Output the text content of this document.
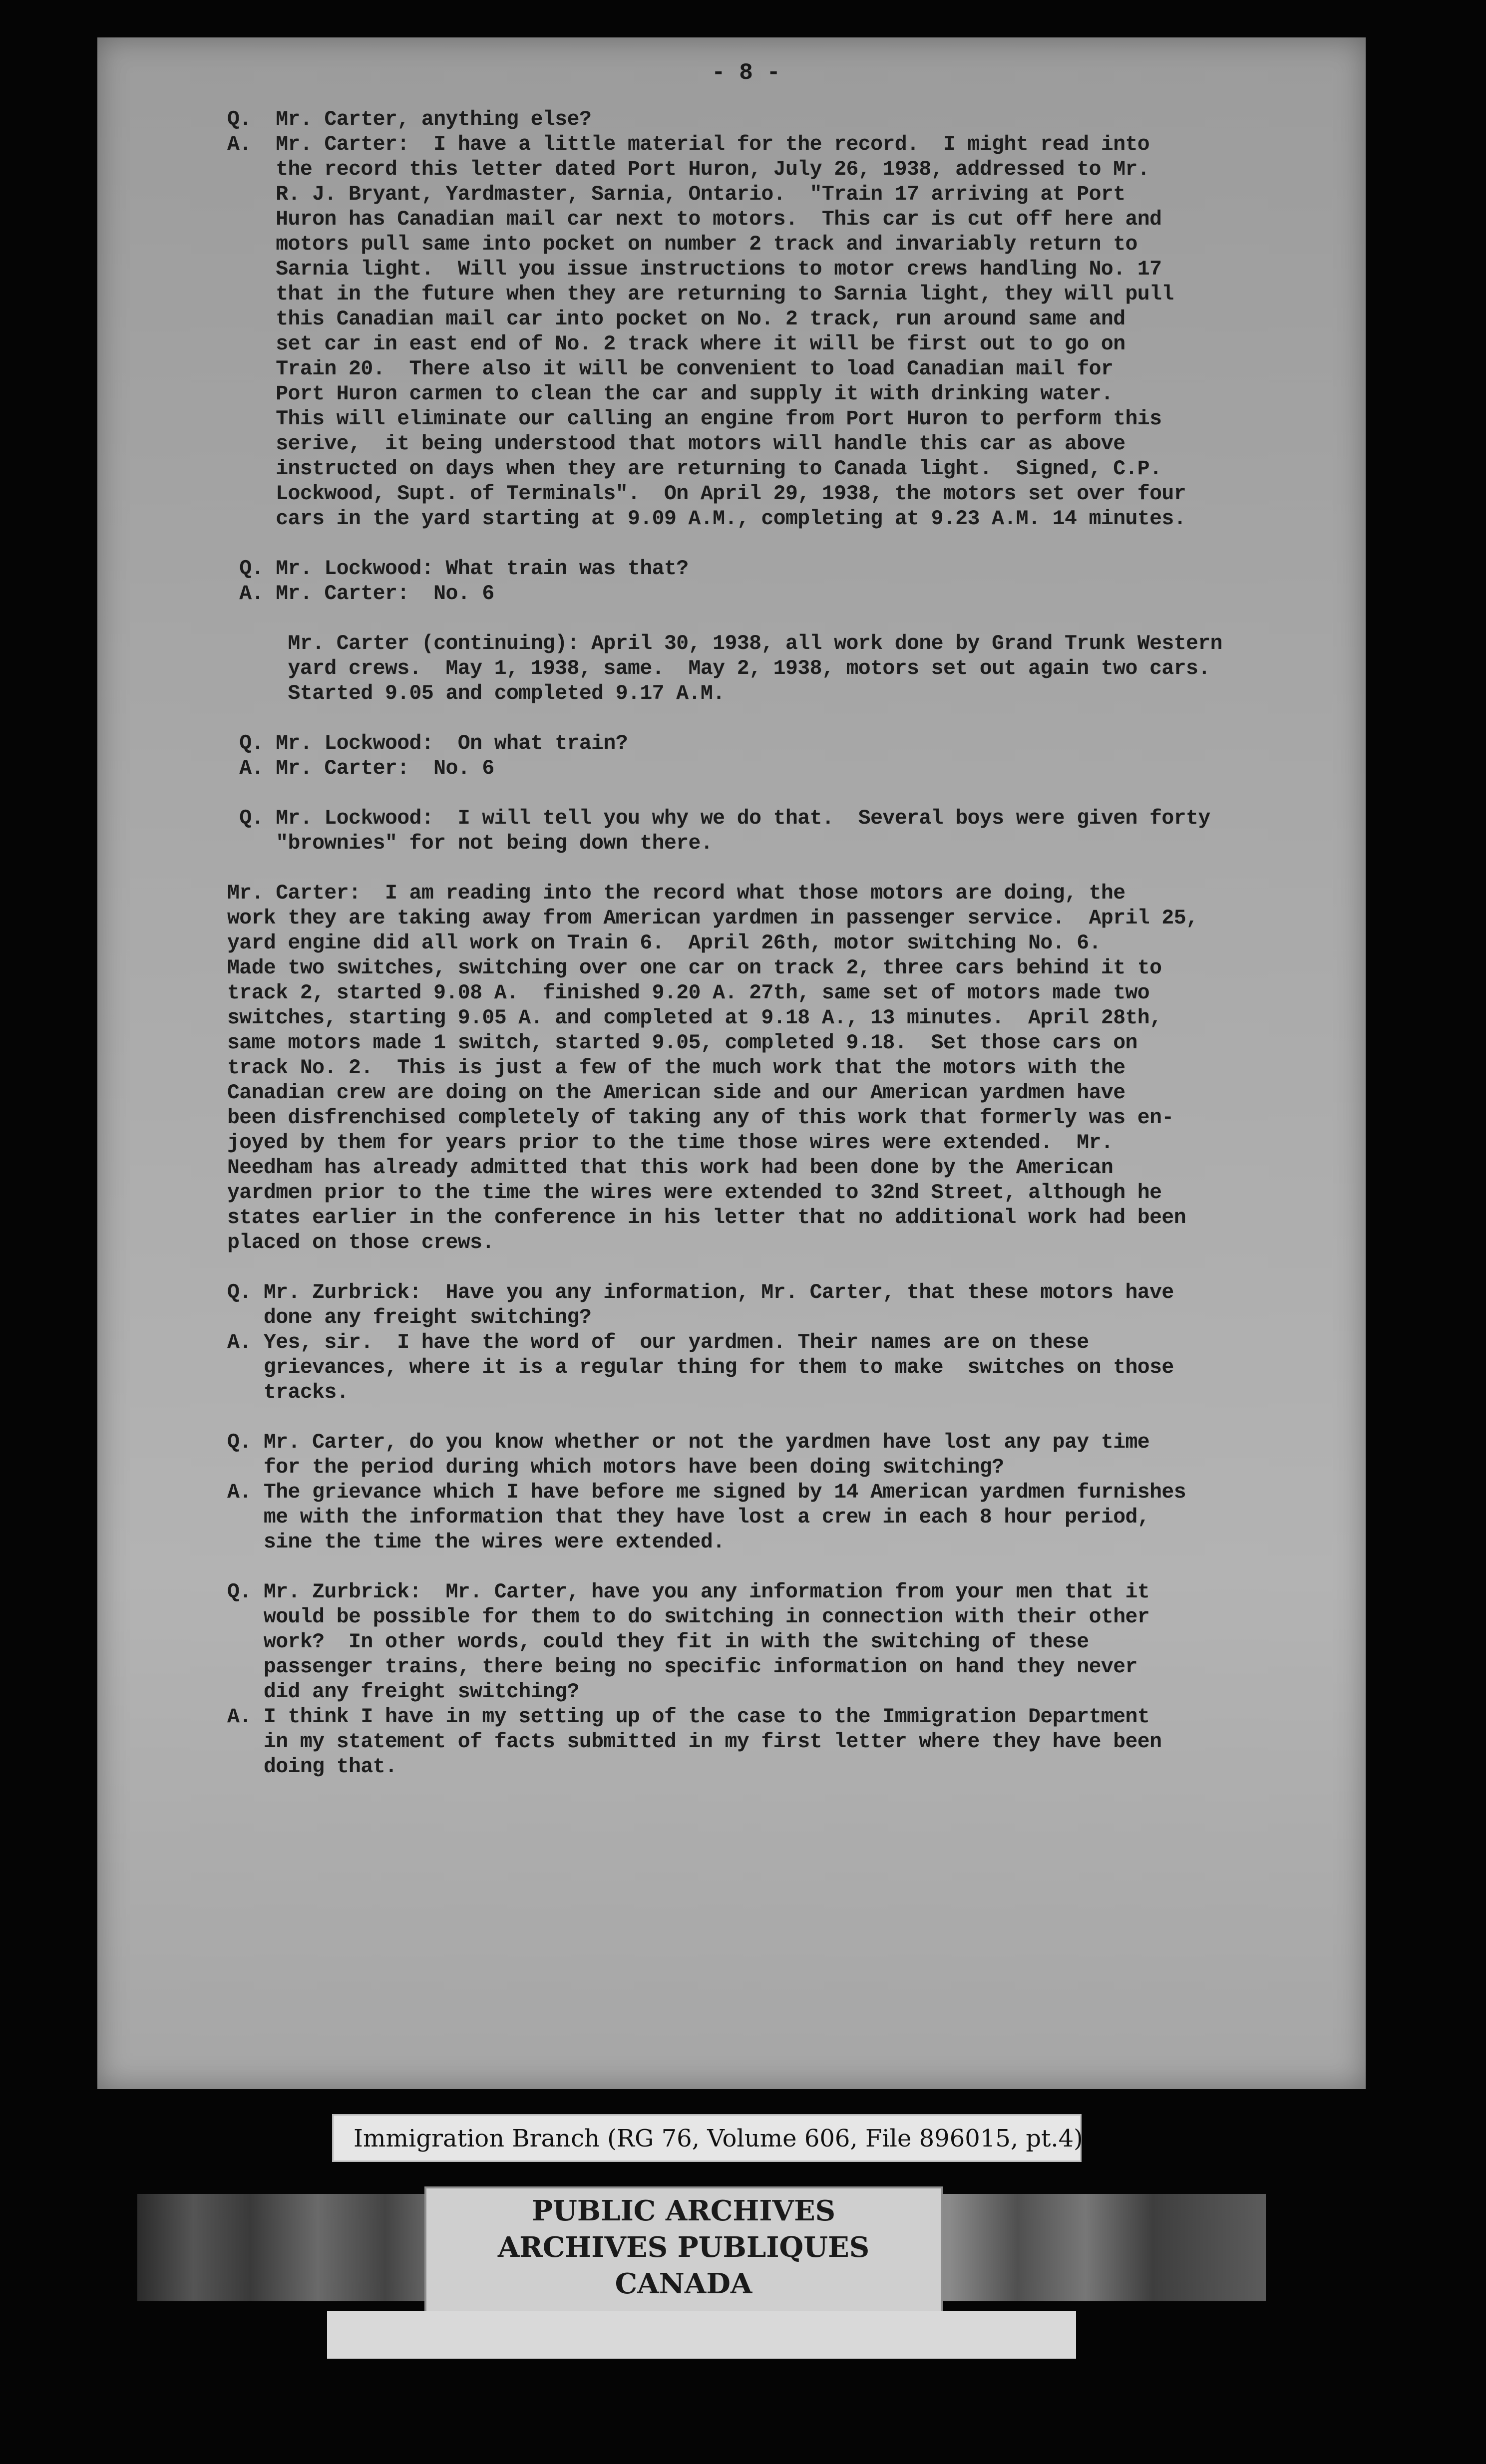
- 8 -
Q.  Mr. Carter, anything else?
A.  Mr. Carter:  I have a little material for the record.  I might read into
the record this letter dated Port Huron, July 26, 1938, addressed to Mr.
R. J. Bryant, Yardmaster, Sarnia, Ontario.  "Train 17 arriving at Port
Huron has Canadian mail car next to motors.  This car is cut off here and
motors pull same into pocket on number 2 track and invariably return to
Sarnia light.  Will you issue instructions to motor crews handling No. 17
that in the future when they are returning to Sarnia light, they will pull
this Canadian mail car into pocket on No. 2 track, run around same and
set car in east end of No. 2 track where it will be first out to go on
Train 20.  There also it will be convenient to load Canadian mail for
Port Huron carmen to clean the car and supply it with drinking water.
This will eliminate our calling an engine from Port Huron to perform this
serive,  it being understood that motors will handle this car as above
instructed on days when they are returning to Canada light.  Signed, C.P.
Lockwood, Supt. of Terminals".  On April 29, 1938, the motors set over four
cars in the yard starting at 9.09 A.M., completing at 9.23 A.M. 14 minutes.
Q. Mr. Lockwood: What train was that?
A. Mr. Carter:  No. 6
Mr. Carter (continuing): April 30, 1938, all work done by Grand Trunk Western
yard crews.  May 1, 1938, same.  May 2, 1938, motors set out again two cars.
Started 9.05 and completed 9.17 A.M.
Q. Mr. Lockwood:  On what train?
A. Mr. Carter:  No. 6
Q. Mr. Lockwood:  I will tell you why we do that.  Several boys were given forty
"brownies" for not being down there.
Mr. Carter:  I am reading into the record what those motors are doing, the
work they are taking away from American yardmen in passenger service.  April 25,
yard engine did all work on Train 6.  April 26th, motor switching No. 6.
Made two switches, switching over one car on track 2, three cars behind it to
track 2, started 9.08 A.  finished 9.20 A. 27th, same set of motors made two
switches, starting 9.05 A. and completed at 9.18 A., 13 minutes.  April 28th,
same motors made 1 switch, started 9.05, completed 9.18.  Set those cars on
track No. 2.  This is just a few of the much work that the motors with the
Canadian crew are doing on the American side and our American yardmen have
been disfrenchised completely of taking any of this work that formerly was en-
joyed by them for years prior to the time those wires were extended.  Mr.
Needham has already admitted that this work had been done by the American
yardmen prior to the time the wires were extended to 32nd Street, although he
states earlier in the conference in his letter that no additional work had been
placed on those crews.
Q. Mr. Zurbrick:  Have you any information, Mr. Carter, that these motors have
done any freight switching?
A. Yes, sir.  I have the word of  our yardmen. Their names are on these
grievances, where it is a regular thing for them to make  switches on those
tracks.
Q. Mr. Carter, do you know whether or not the yardmen have lost any pay time
for the period during which motors have been doing switching?
A. The grievance which I have before me signed by 14 American yardmen furnishes
me with the information that they have lost a crew in each 8 hour period,
sine the time the wires were extended.
Q. Mr. Zurbrick:  Mr. Carter, have you any information from your men that it
would be possible for them to do switching in connection with their other
work?  In other words, could they fit in with the switching of these
passenger trains, there being no specific information on hand they never
did any freight switching?
A. I think I have in my setting up of the case to the Immigration Department
in my statement of facts submitted in my first letter where they have been
doing that.
Immigration Branch (RG 76, Volume 606, File 896015, pt.4)
PUBLIC ARCHIVES
ARCHIVES PUBLIQUES
CANADA
